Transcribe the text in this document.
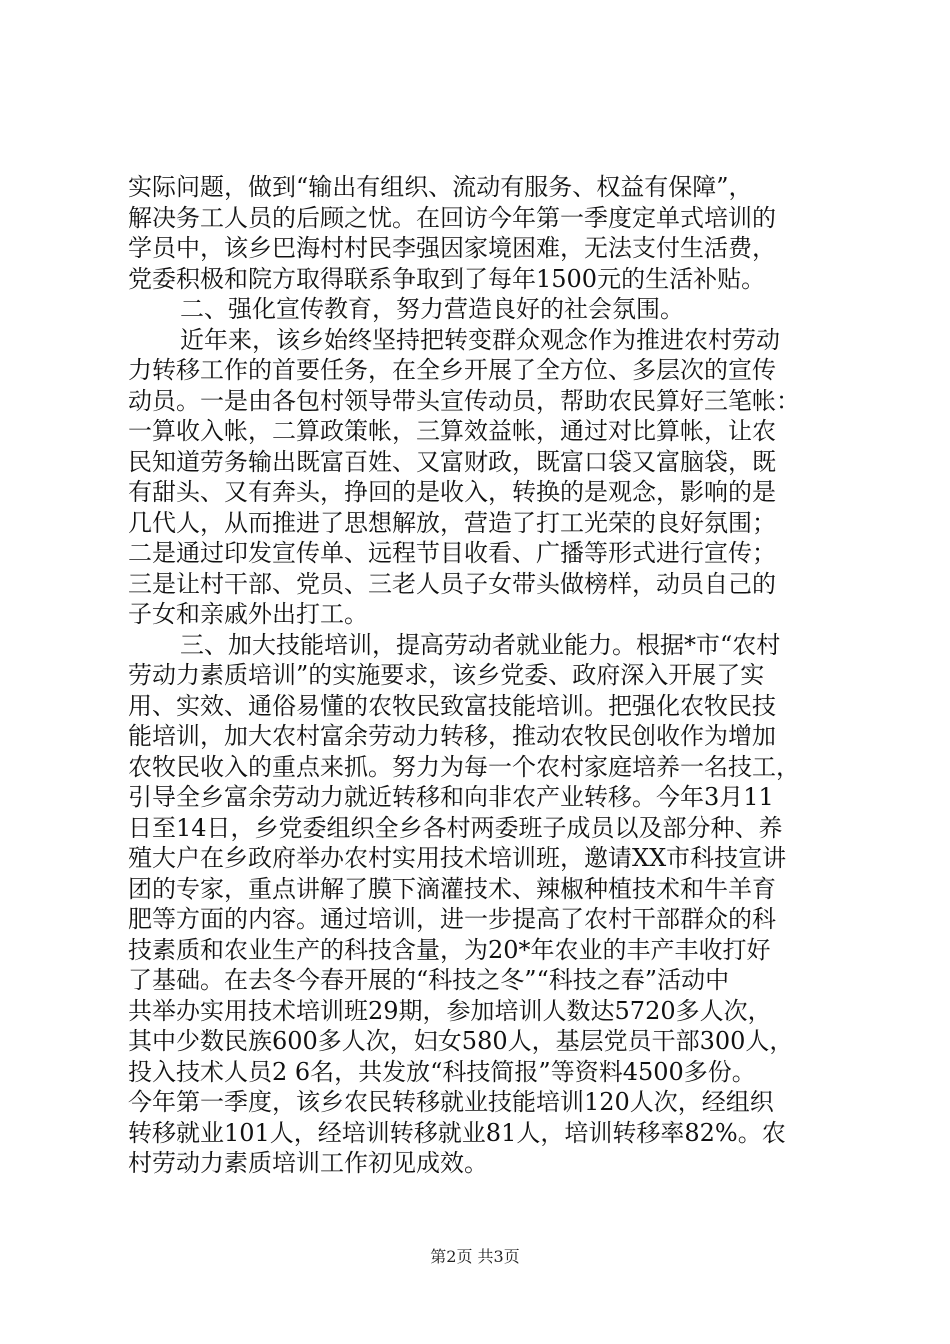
实际问题，做到“输出有组织、流动有服务、权益有保障”，
解决务工人员的后顾之忧。在回访今年第一季度定单式培训的
学员中，该乡巴海村村民李强因家境困难，无法支付生活费，
党委积极和院方取得联系争取到了每年1500元的生活补贴。
二、强化宣传教育，努力营造良好的社会氛围。
近年来，该乡始终坚持把转变群众观念作为推进农村劳动
力转移工作的首要任务，在全乡开展了全方位、多层次的宣传
动员。一是由各包村领导带头宣传动员，帮助农民算好三笔帐：
一算收入帐，二算政策帐，三算效益帐，通过对比算帐，让农
民知道劳务输出既富百姓、又富财政，既富口袋又富脑袋，既
有甜头、又有奔头，挣回的是收入，转换的是观念，影响的是
几代人，从而推进了思想解放，营造了打工光荣的良好氛围；
二是通过印发宣传单、远程节目收看、广播等形式进行宣传；
三是让村干部、党员、三老人员子女带头做榜样，动员自己的
子女和亲戚外出打工。
三、加大技能培训，提高劳动者就业能力。根据*市“农村
劳动力素质培训”的实施要求，该乡党委、政府深入开展了实
用、实效、通俗易懂的农牧民致富技能培训。把强化农牧民技
能培训，加大农村富余劳动力转移，推动农牧民创收作为增加
农牧民收入的重点来抓。努力为每一个农村家庭培养一名技工，
引导全乡富余劳动力就近转移和向非农产业转移。今年3月11
日至14日，乡党委组织全乡各村两委班子成员以及部分种、养
殖大户在乡政府举办农村实用技术培训班，邀请XX市科技宣讲
团的专家，重点讲解了膜下滴灌技术、辣椒种植技术和牛羊育
肥等方面的内容。通过培训，进一步提高了农村干部群众的科
技素质和农业生产的科技含量，为20*年农业的丰产丰收打好
了基础。在去冬今春开展的“科技之冬”“科技之春”活动中
共举办实用技术培训班29期，参加培训人数达5720多人次，
其中少数民族600多人次，妇女580人，基层党员干部300人，
投入技术人员2 6名，共发放“科技简报”等资料4500多份。
今年第一季度，该乡农民转移就业技能培训120人次，经组织
转移就业101人，经培训转移就业81人，培训转移率82%。农
村劳动力素质培训工作初见成效。
第2页 共3页
